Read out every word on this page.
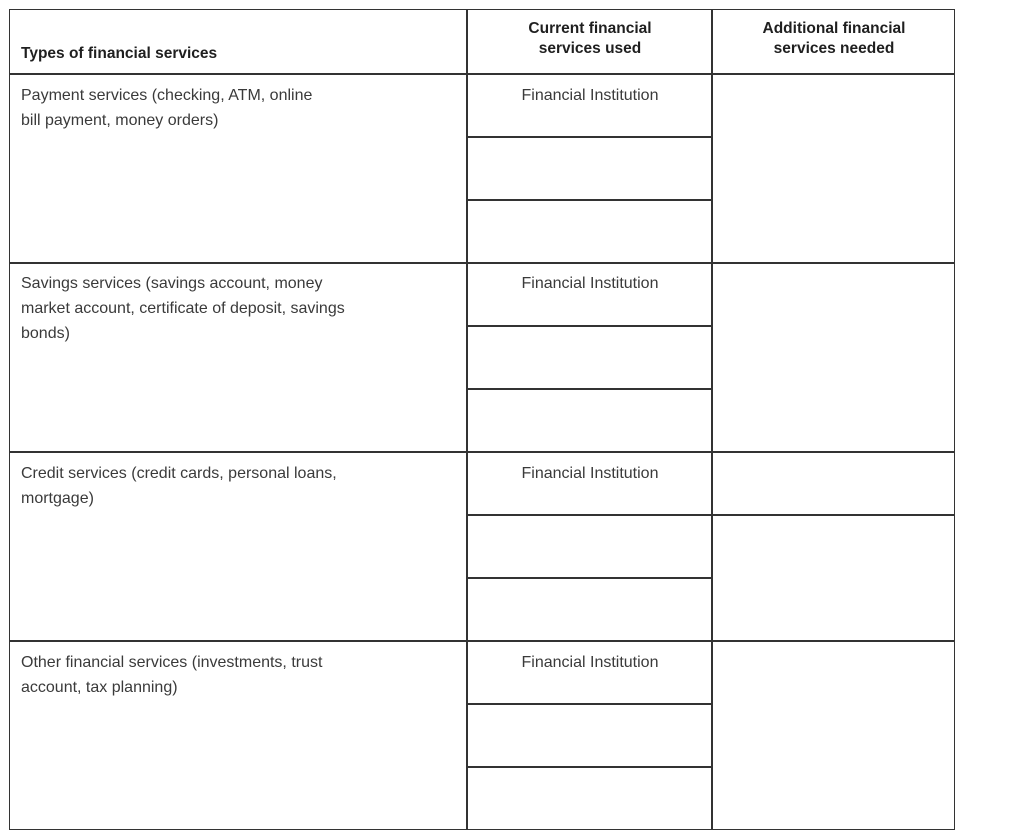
Types of financial services
Current financial
services used
Additional financial
services needed
Payment services (checking, ATM, online
bill payment, money orders)
Financial Institution
Savings services (savings account, money
market account, certificate of deposit, savings
bonds)
Financial Institution
Credit services (credit cards, personal loans,
mortgage)
Financial Institution
Other financial services (investments, trust
account, tax planning)
Financial Institution
